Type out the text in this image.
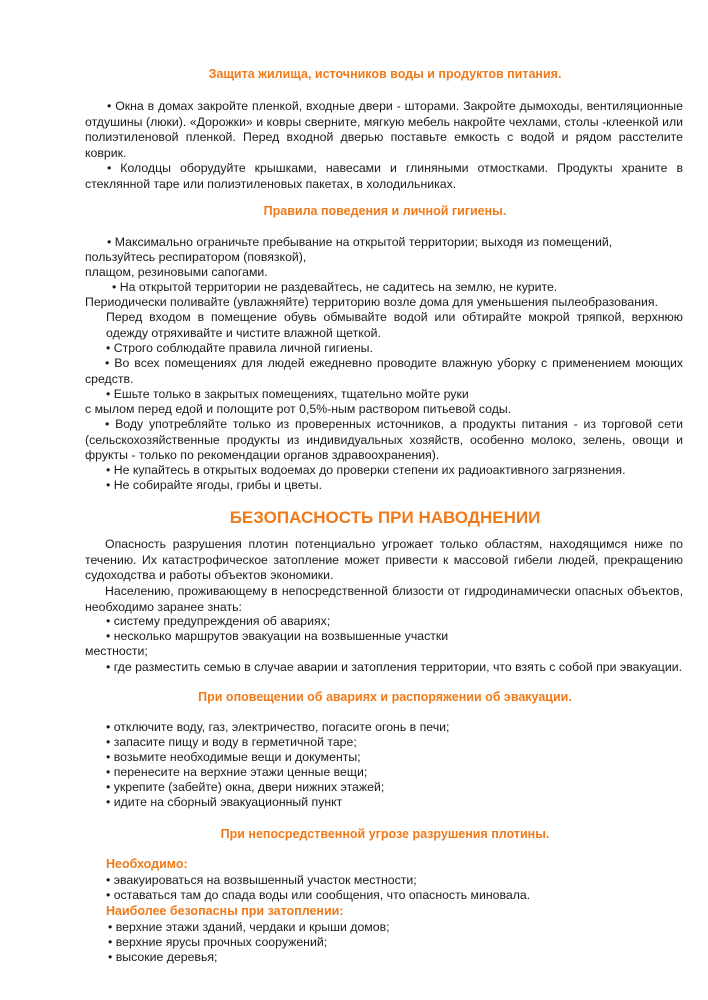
Защита жилища, источников воды и продуктов питания.
• Окна в домах закройте пленкой, входные двери - шторами. Закройте дымоходы, вентиляционные отдушины (люки). «Дорожки» и ковры сверните, мягкую мебель накройте чехлами, столы -клеенкой или полиэтиленовой пленкой. Перед входной дверью поставьте емкость с водой и рядом расстелите коврик.
• Колодцы оборудуйте крышками, навесами и глиняными отмостками. Продукты храните в стеклянной таре или полиэтиленовых пакетах, в холодильниках.
Правила поведения и личной гигиены.
• Максимально ограничьте пребывание на открытой территории; выходя из помещений,
пользуйтесь респиратором (повязкой),
плащом, резиновыми сапогами.
• На открытой территории не раздевайтесь, не садитесь на землю, не курите.
Периодически поливайте (увлажняйте) территорию возле дома для уменьшения пылеобразования.
Перед входом в помещение обувь обмывайте водой или обтирайте мокрой тряпкой, верхнюю одежду отряхивайте и чистите влажной щеткой.
• Строго соблюдайте правила личной гигиены.
• Во всех помещениях для людей ежедневно проводите влажную уборку с применением моющих средств.
• Ешьте только в закрытых помещениях, тщательно мойте руки
с мылом перед едой и полощите рот 0,5%-ным раствором питьевой соды.
• Воду употребляйте только из проверенных источников, а продукты питания - из торговой сети (сельскохозяйственные продукты из индивидуальных хозяйств, особенно молоко, зелень, овощи и фрукты - только по рекомендации органов здравоохранения).
• Не купайтесь в открытых водоемах до проверки степени их радиоактивного загрязнения.
• Не собирайте ягоды, грибы и цветы.
БЕЗОПАСНОСТЬ ПРИ НАВОДНЕНИИ
Опасность разрушения плотин потенциально угрожает только областям, находящимся ниже по течению. Их катастрофическое затопление может привести к массовой гибели людей, прекращению судоходства и работы объектов экономики.
Населению, проживающему в непосредственной близости от гидродинамически опасных объектов, необходимо заранее знать:
• систему предупреждения об авариях;
• несколько маршрутов эвакуации на возвышенные участки
местности;
• где разместить семью в случае аварии и затопления территории, что взять с собой при эвакуации.
При оповещении об авариях и распоряжении об эвакуации.
• отключите воду, газ, электричество, погасите огонь в печи;
• запасите пищу и воду в герметичной таре;
• возьмите необходимые вещи и документы;
• перенесите на верхние этажи ценные вещи;
• укрепите (забейте) окна, двери нижних этажей;
• идите на сборный эвакуационный пункт
При непосредственной угрозе разрушения плотины.
Необходимо:
• эвакуироваться на возвышенный участок местности;
• оставаться там до спада воды или сообщения, что опасность миновала.
Наиболее безопасны при затоплении:
• верхние этажи зданий, чердаки и крыши домов;
• верхние ярусы прочных сооружений;
• высокие деревья;
